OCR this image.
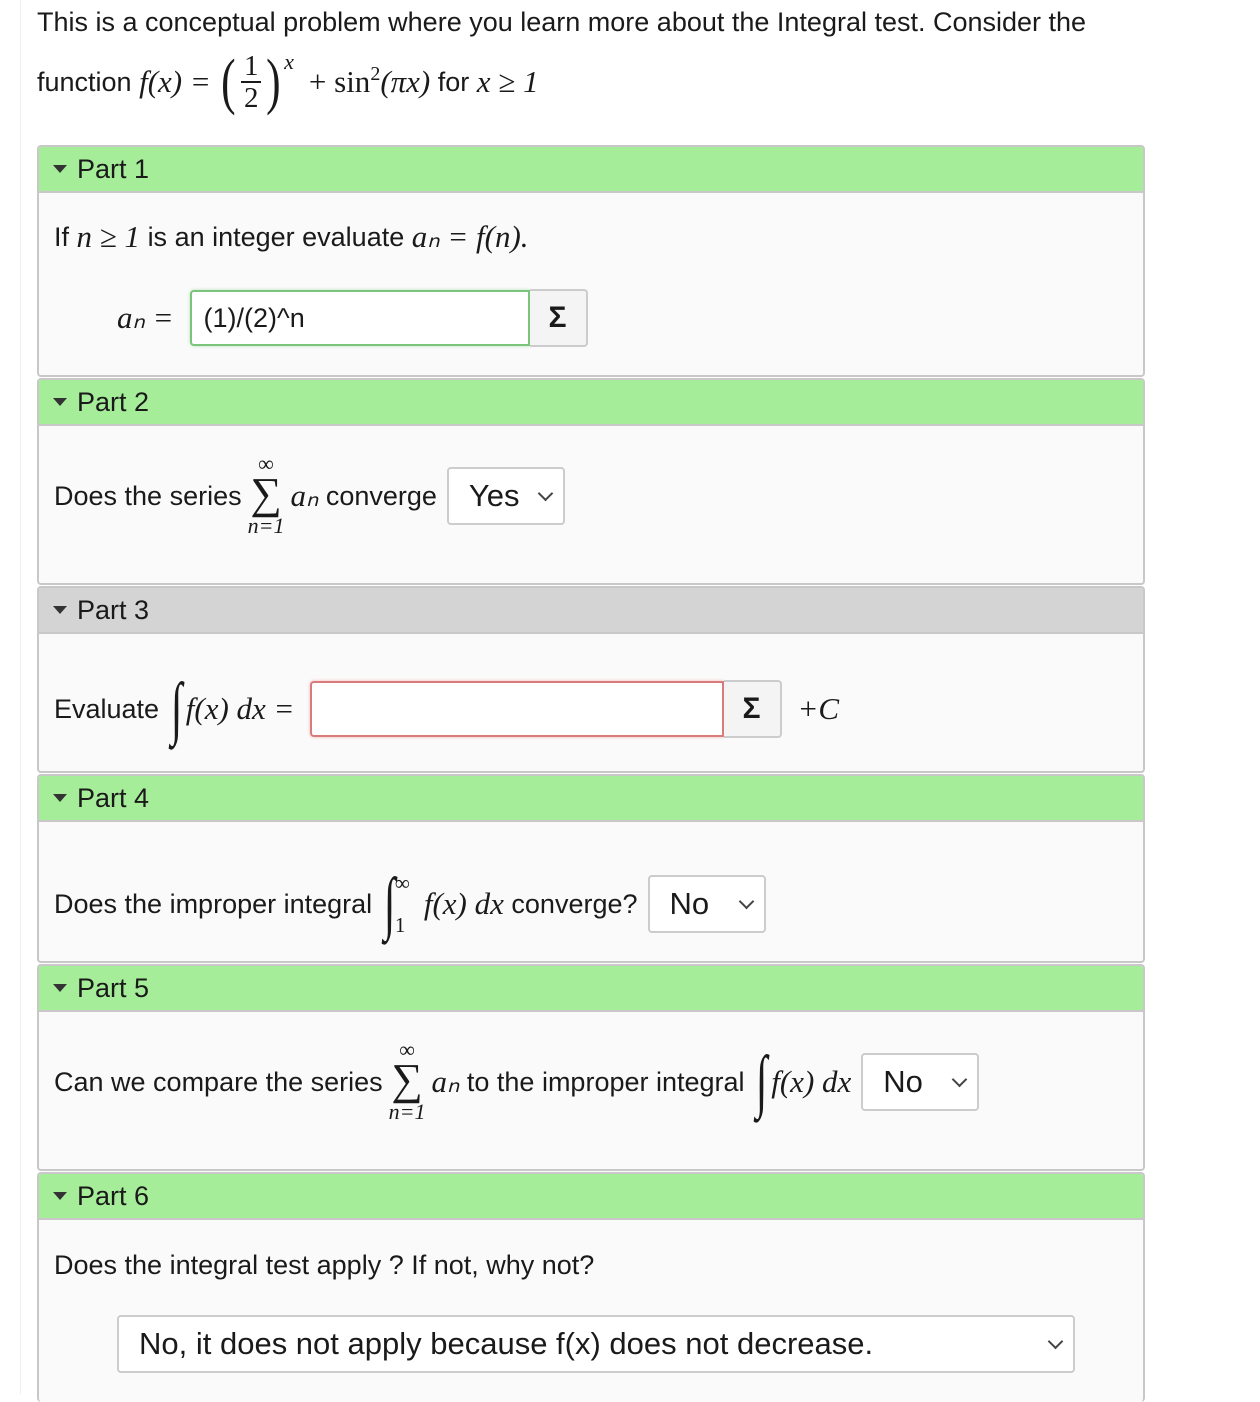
This is a conceptual problem where you learn more about the Integral test. Consider the
function
f(x) =
( $\frac{1}{2}$ ) x

+ $\sin^2 (\pi x)$
for
x ≥ 1
Part 1
If
n ≥ 1
is an integer evaluate
aₙ = f(n).
aₙ =	(1)/(2)^n	Σ
Part 2
Does the series
∞
∑
n=1
aₙ
converge Yes
Part 3
Evaluate
∫ f(x) dx =
	Σ	+C
Part 4
Does the improper integral
∫ ∞
1
f(x) dx
converge? No
Part 5
Can we compare the series
∞
∑
n=1
aₙ
to the improper integral
∫ f(x) dx No
Part 6
Does the integral test apply ? If not, why not?
No, it does not apply because f(x) does not decrease.
